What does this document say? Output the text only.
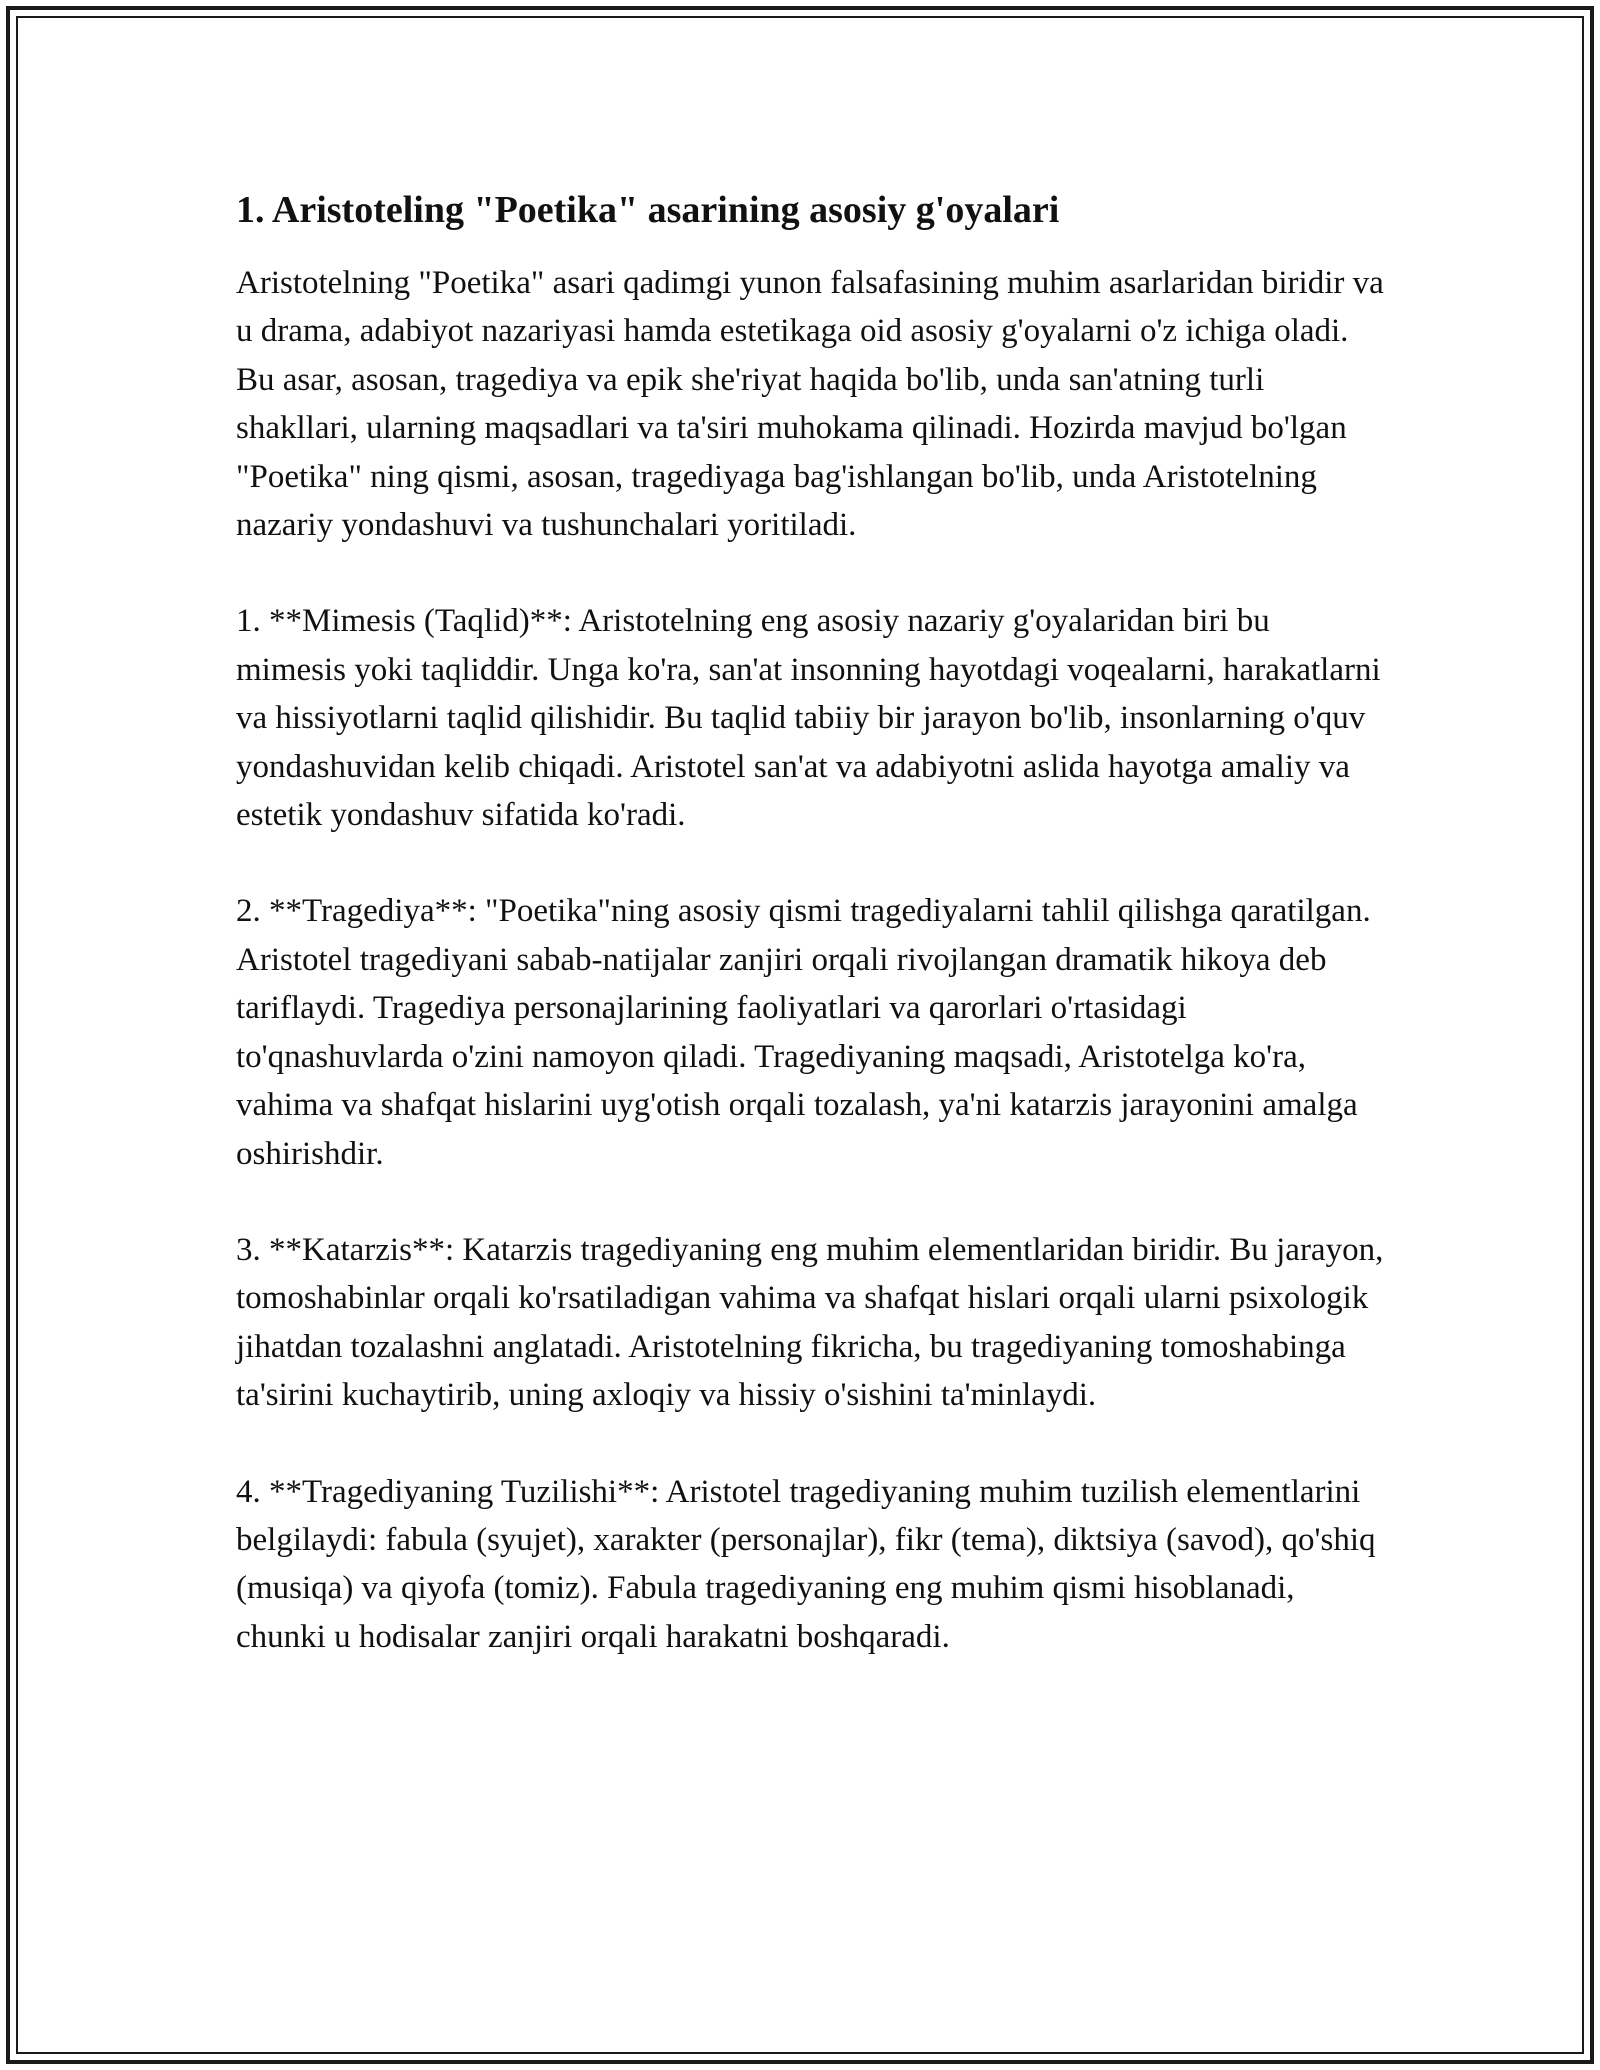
1. Aristoteling "Poetika" asarining asosiy g'oyalari

Aristotelning "Poetika" asari qadimgi yunon falsafasining muhim asarlaridan biridir va u drama, adabiyot nazariyasi hamda estetikaga oid asosiy g'oyalarni o'z ichiga oladi. Bu asar, asosan, tragediya va epik she'riyat haqida bo'lib, unda san'atning turli shakllari, ularning maqsadlari va ta'siri muhokama qilinadi. Hozirda mavjud bo'lgan "Poetika" ning qismi, asosan, tragediyaga bag'ishlangan bo'lib, unda Aristotelning nazariy yondashuvi va tushunchalari yoritiladi.

1. **Mimesis (Taqlid)**: Aristotelning eng asosiy nazariy g'oyalaridan biri bu mimesis yoki taqliddir. Unga ko'ra, san'at insonning hayotdagi voqealarni, harakatlarni va hissiyotlarni taqlid qilishidir. Bu taqlid tabiiy bir jarayon bo'lib, insonlarning o'quv yondashuvidan kelib chiqadi. Aristotel san'at va adabiyotni aslida hayotga amaliy va estetik yondashuv sifatida ko'radi.

2. **Tragediya**: "Poetika"ning asosiy qismi tragediyalarni tahlil qilishga qaratilgan. Aristotel tragediyani sabab-natijalar zanjiri orqali rivojlangan dramatik hikoya deb tariflaydi. Tragediya personajlarining faoliyatlari va qarorlari o'rtasidagi to'qnashuvlarda o'zini namoyon qiladi. Tragediyaning maqsadi, Aristotelga ko'ra, vahima va shafqat hislarini uyg'otish orqali tozalash, ya'ni katarzis jarayonini amalga oshirishdir.

3. **Katarzis**: Katarzis tragediyaning eng muhim elementlaridan biridir. Bu jarayon, tomoshabinlar orqali ko'rsatiladigan vahima va shafqat hislari orqali ularni psixologik jihatdan tozalashni anglatadi. Aristotelning fikricha, bu tragediyaning tomoshabinga ta'sirini kuchaytirib, uning axloqiy va hissiy o'sishini ta'minlaydi.

4. **Tragediyaning Tuzilishi**: Aristotel tragediyaning muhim tuzilish elementlarini belgilaydi: fabula (syujet), xarakter (personajlar), fikr (tema), diktsiya (savod), qo'shiq (musiqa) va qiyofa (tomiz). Fabula tragediyaning eng muhim qismi hisoblanadi, chunki u hodisalar zanjiri orqali harakatni boshqaradi.
